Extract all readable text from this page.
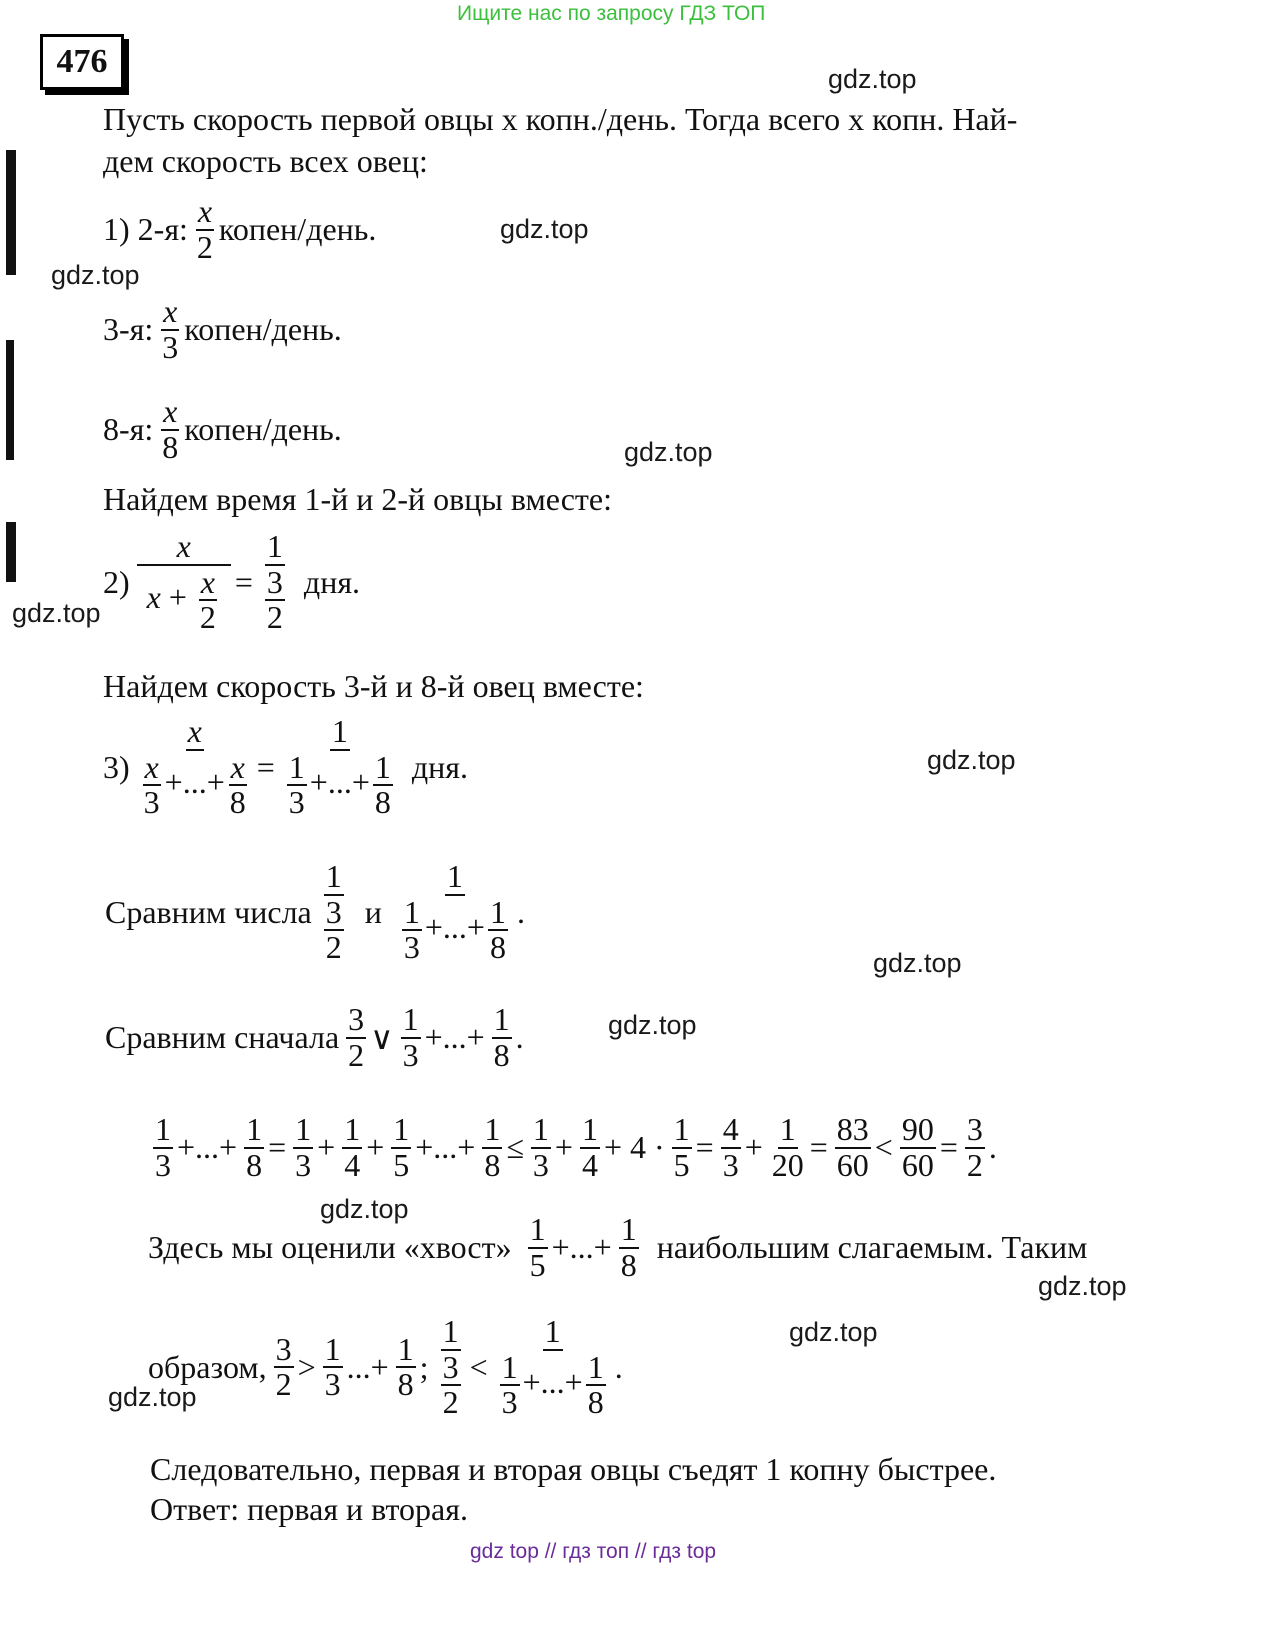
Ищите нас по запросу ГДЗ ТОП
476	gdz.top
gdz.top
gdz.top
gdz.top
gdz.top
gdz.top
gdz.top
gdz.top
gdz.top
gdz.top
gdz.top
gdz.top
Пусть скорость первой овцы x копн./день. Тогда всего x копн. Най-
дем скорость всех овец:
1) 2-я: $\frac{x}{2}$ копен/день.
3-я: $\frac{x}{3}$ копен/день.
8-я: $\frac{x}{8}$ копен/день.
Найдем время 1-й и 2-й овцы вместе:
$2) \frac{x}{x + \frac{x}{2}} = \frac{1}{\frac{3}{2}}$ дня.
Найдем скорость 3-й и 8-й овец вместе:
$3) \frac{x}{\frac{x}{3} +...+ \frac{x}{8}} = \frac{1}{\frac{1}{3} +...+ \frac{1}{8}}$ дня.
Сравним числа $\frac{1}{\frac{3}{2}}$ и $\frac{1}{\frac{1}{3} +...+ \frac{1}{8}}$ .
Сравним сначала $\frac{3}{2}$ ∨ $\frac{1}{3}$ +...+ $\frac{1}{8}$ .
$\frac{1}{3}$ +...+ $\frac{1}{8} = \frac{1}{3} + \frac{1}{4} + \frac{1}{5}$ +...+ $\frac{1}{8} \le \frac{1}{3} + \frac{1}{4} + 4 \cdot \frac{1}{5} = \frac{4}{3} + \frac{1}{20} = \frac{83}{60} < \frac{90}{60} = \frac{3}{2}$ .
Здесь мы оценили «хвост» $\frac{1}{5}$ +...+ $\frac{1}{8}$ наибольшим слагаемым. Таким
образом, $\frac{3}{2} > \frac{1}{3}$ ...+ $\frac{1}{8}$ ; $\frac{1}{\frac{3}{2}} < \frac{1}{\frac{1}{3} +...+ \frac{1}{8}}$ .
Следовательно, первая и вторая овцы съедят 1 копну быстрее.
Ответ: первая и вторая.
gdz top // гдз топ // гдз top
